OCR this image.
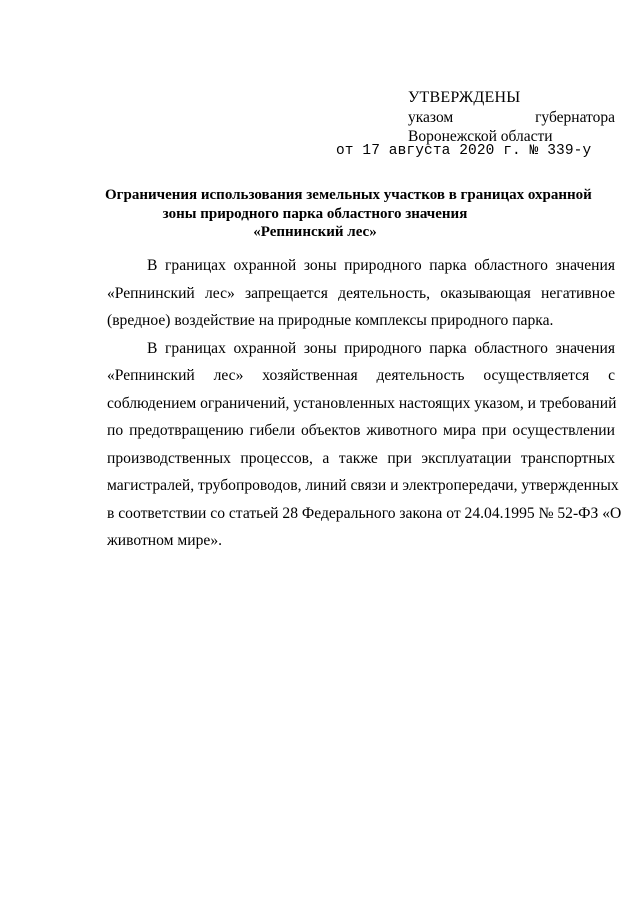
УТВЕРЖДЕНЫ
указом	губернатора
Воронежской области
от 17 августа 2020 г. № 339-у
Ограничения использования земельных участков в границах охранной
зоны природного парка областного значения
«Репнинский лес»
В границах охранной зоны природного парка областного значения
«Репнинский лес» запрещается деятельность, оказывающая негативное
(вредное) воздействие на природные комплексы природного парка.
В границах охранной зоны природного парка областного значения
«Репнинский лес» хозяйственная деятельность осуществляется с
соблюдением ограничений, установленных настоящих указом, и требований
по предотвращению гибели объектов животного мира при осуществлении
производственных процессов, а также при эксплуатации транспортных
магистралей, трубопроводов, линий связи и электропередачи, утвержденных
в соответствии со статьей 28 Федерального закона от 24.04.1995 № 52-ФЗ «О
животном мире».
